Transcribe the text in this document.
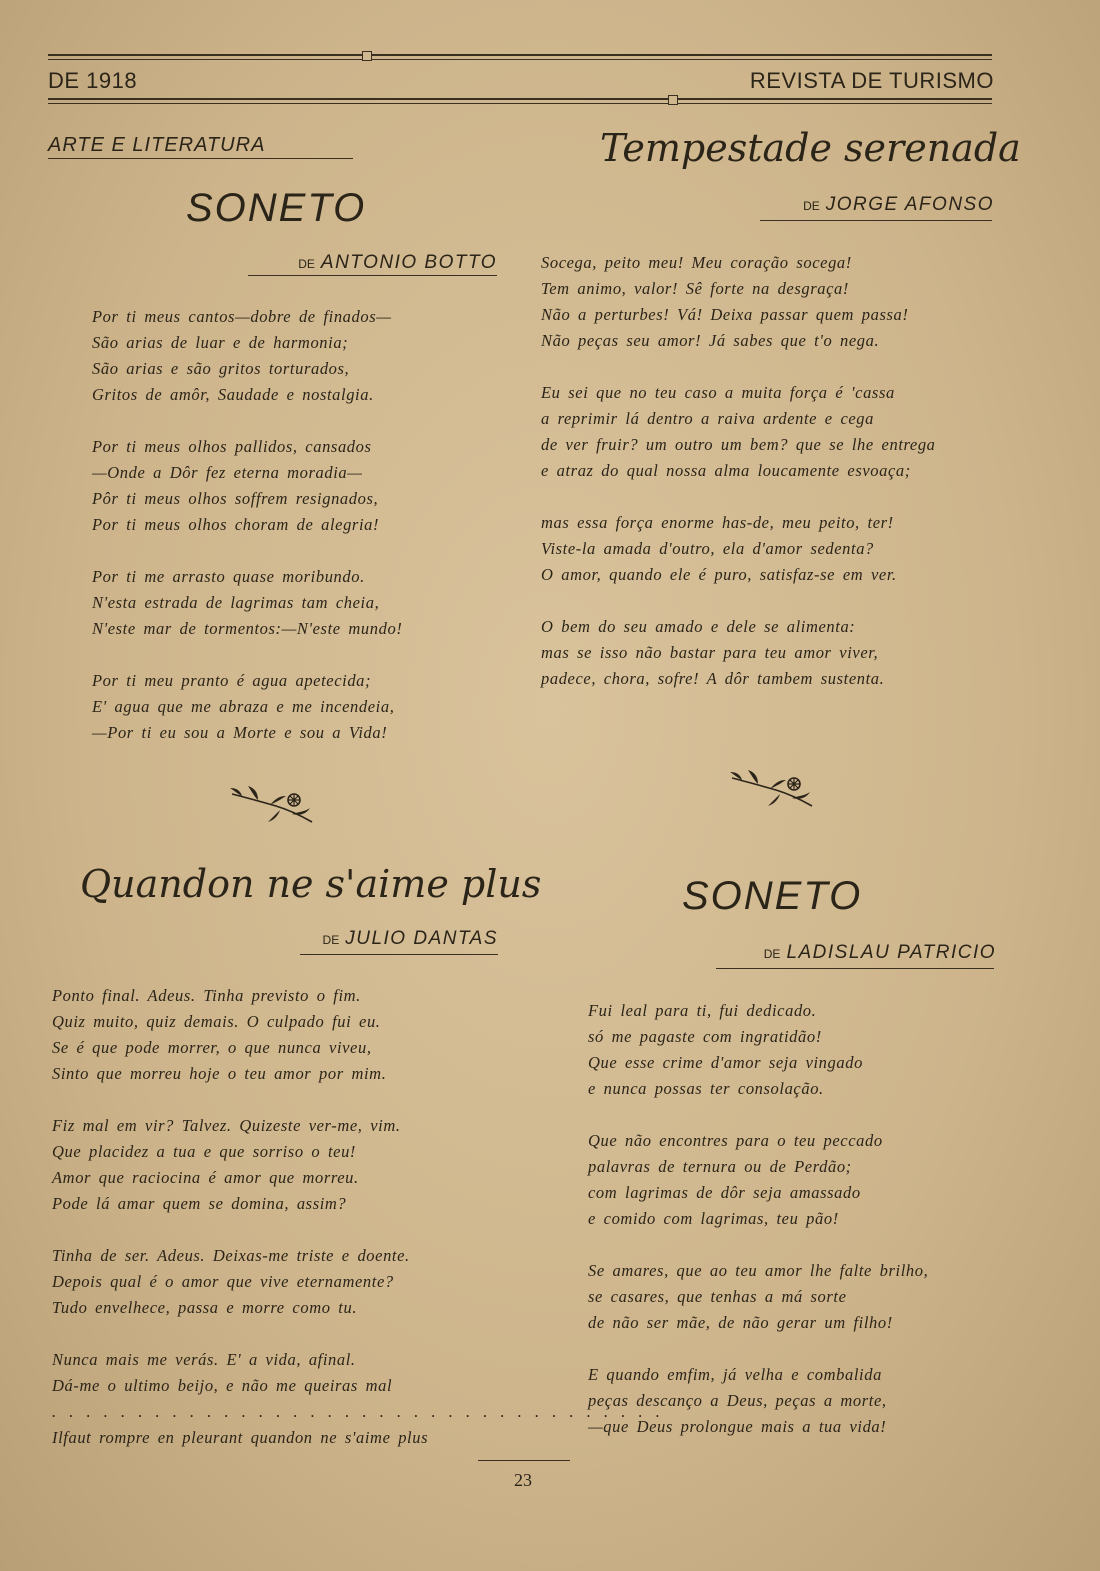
DE 1918	REVISTA DE TURISMO
ARTE E LITERATURA
SONETO
DE ANTONIO BOTTO
Por ti meus cantos—dobre de finados—
São arias de luar e de harmonia;
São arias e são gritos torturados,
Gritos de amôr, Saudade e nostalgia.
Por ti meus olhos pallidos, cansados
—Onde a Dôr fez eterna moradia—
Pôr ti meus olhos soffrem resignados,
Por ti meus olhos choram de alegria!
Por ti me arrasto quase moribundo.
N'esta estrada de lagrimas tam cheia,
N'este mar de tormentos:—N'este mundo!
Por ti meu pranto é agua apetecida;
E' agua que me abraza e me incendeia,
—Por ti eu sou a Morte e sou a Vida!
Tempestade serenada
DE JORGE AFONSO
Socega, peito meu! Meu coração socega!
Tem animo, valor! Sê forte na desgraça!
Não a perturbes! Vá! Deixa passar quem passa!
Não peças seu amor! Já sabes que t'o nega.
Eu sei que no teu caso a muita força é 'cassa
a reprimir lá dentro a raiva ardente e cega
de ver fruir? um outro um bem? que se lhe entrega
e atraz do qual nossa alma loucamente esvoaça;
mas essa força enorme has-de, meu peito, ter!
Viste-la amada d'outro, ela d'amor sedenta?
O amor, quando ele é puro, satisfaz-se em ver.
O bem do seu amado e dele se alimenta:
mas se isso não bastar para teu amor viver,
padece, chora, sofre! A dôr tambem sustenta.
Quandon ne s'aime plus
DE JULIO DANTAS
Ponto final. Adeus. Tinha previsto o fim.
Quiz muito, quiz demais. O culpado fui eu.
Se é que pode morrer, o que nunca viveu,
Sinto que morreu hoje o teu amor por mim.
Fiz mal em vir? Talvez. Quizeste ver-me, vim.
Que placidez a tua e que sorriso o teu!
Amor que raciocina é amor que morreu.
Pode lá amar quem se domina, assim?
Tinha de ser. Adeus. Deixas-me triste e doente.
Depois qual é o amor que vive eternamente?
Tudo envelhece, passa e morre como tu.
Nunca mais me verás. E' a vida, afinal.
Dá-me o ultimo beijo, e não me queiras mal
. . . . . . . . . . . . . . . . . . . . . . . . . . . . . . . . . . . .
Ilfaut rompre en pleurant quandon ne s'aime plus
SONETO
DE LADISLAU PATRICIO
Fui leal para ti, fui dedicado.
só me pagaste com ingratidão!
Que esse crime d'amor seja vingado
e nunca possas ter consolação.
Que não encontres para o teu peccado
palavras de ternura ou de Perdão;
com lagrimas de dôr seja amassado
e comido com lagrimas, teu pão!
Se amares, que ao teu amor lhe falte brilho,
se casares, que tenhas a má sorte
de não ser mãe, de não gerar um filho!
E quando emfim, já velha e combalida
peças descanço a Deus, peças a morte,
—que Deus prolongue mais a tua vida!
23
